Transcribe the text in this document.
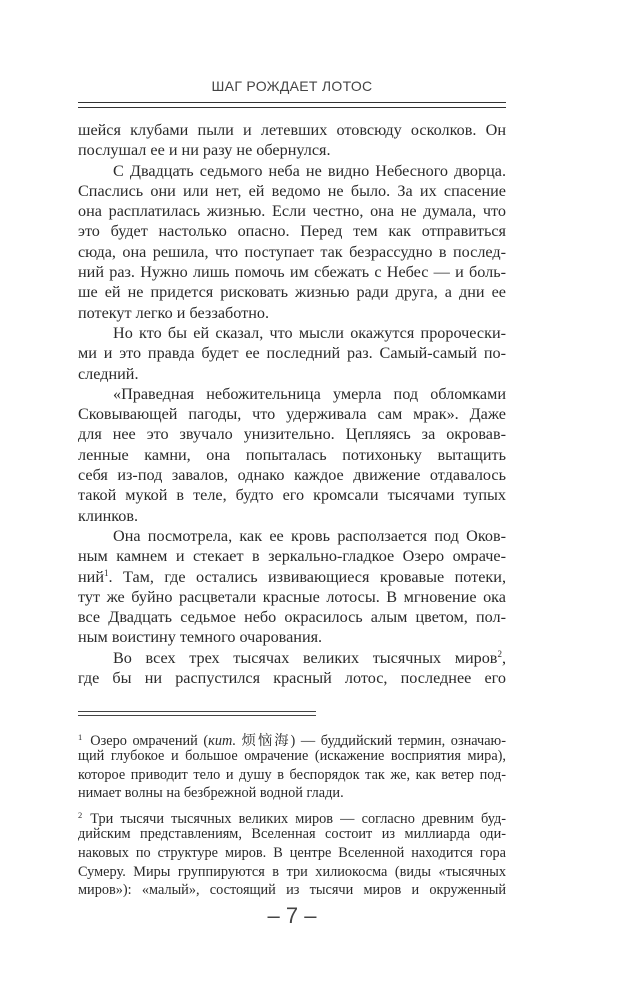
ШАГ РОЖДАЕТ ЛОТОС
шейся клубами пыли и летевших отовсюду осколков. Он
послушал ее и ни разу не обернулся.
С Двадцать седьмого неба не видно Небесного дворца.
Спаслись они или нет, ей ведомо не было. За их спасение
она расплатилась жизнью. Если честно, она не думала, что
это будет настолько опасно. Перед тем как отправиться
сюда, она решила, что поступает так безрассудно в послед-
ний раз. Нужно лишь помочь им сбежать с Небес — и боль-
ше ей не придется рисковать жизнью ради друга, а дни ее
потекут легко и беззаботно.
Но кто бы ей сказал, что мысли окажутся пророчески-
ми и это правда будет ее последний раз. Самый-самый по-
следний.
«Праведная небожительница умерла под обломками
Сковывающей пагоды, что удерживала сам мрак». Даже
для нее это звучало унизительно. Цепляясь за окровав-
ленные камни, она попыталась потихоньку вытащить
себя из-под завалов, однако каждое движение отдавалось
такой мукой в теле, будто его кромсали тысячами тупых
клинков.
Она посмотрела, как ее кровь расползается под Оков-
ным камнем и стекает в зеркально-гладкое Озеро омраче-
ний$^1$. Там, где остались извивающиеся кровавые потеки,
тут же буйно расцветали красные лотосы. В мгновение ока
все Двадцать седьмое небо окрасилось алым цветом, пол-
ным воистину темного очарования.
Во всех трех тысячах великих тысячных миров$^2$,
где бы ни распустился красный лотос, последнее его
$^1$ Озеро омрачений (кит. 烦恼海) — буддийский термин, означаю-
щий глубокое и большое омрачение (искажение восприятия мира),
которое приводит тело и душу в беспорядок так же, как ветер под-
нимает волны на безбрежной водной глади.
$^2$ Три тысячи тысячных великих миров — согласно древним буд-
дийским представлениям, Вселенная состоит из миллиарда оди-
наковых по структуре миров. В центре Вселенной находится гора
Сумеру. Миры группируются в три хилиокосма (виды «тысячных
миров»): «малый», состоящий из тысячи миров и окруженный
– 7 –
